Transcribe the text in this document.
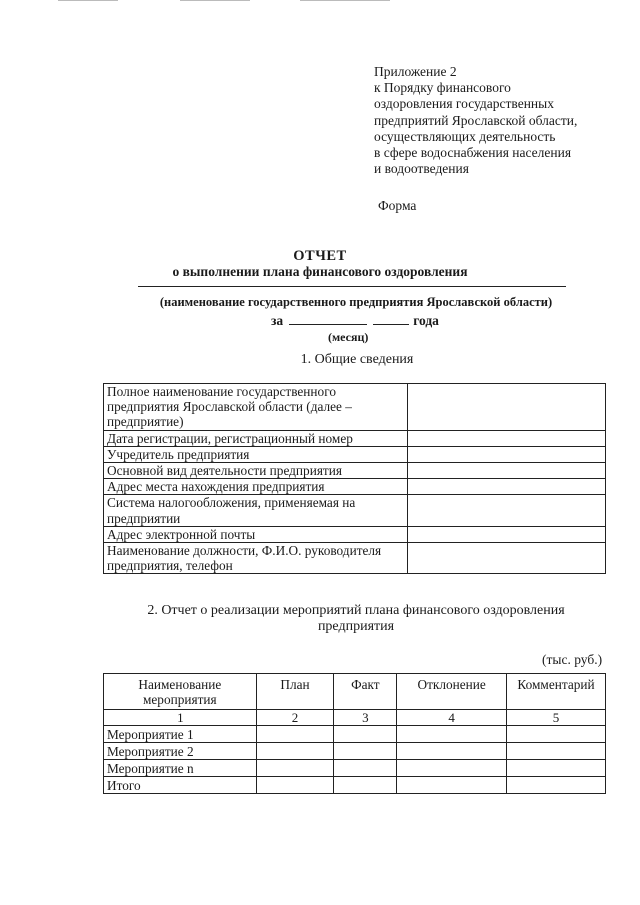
Приложение 2
к Порядку финансового
оздоровления государственных
предприятий Ярославской области,
осуществляющих деятельность
в сфере водоснабжения населения
и водоотведения
Форма
ОТЧЕТ
о выполнении плана финансового оздоровления
(наименование государственного предприятия Ярославской области)
за	года
(месяц)
1. Общие сведения
Полное наименование государственного предприятия Ярославской области (далее – предприятие)	
Дата регистрации, регистрационный номер	
Учредитель предприятия	
Основной вид деятельности предприятия	
Адрес места нахождения предприятия	
Система налогообложения, применяемая на предприятии	
Адрес электронной почты	
Наименование должности, Ф.И.О. руководителя предприятия, телефон	
2. Отчет о реализации мероприятий плана финансового оздоровления
предприятия
(тыс. руб.)
Наименование мероприятия	План	Факт	Отклонение	Комментарий
1	2	3	4	5
Мероприятие 1				
Мероприятие 2				
Мероприятие n				
Итого				
